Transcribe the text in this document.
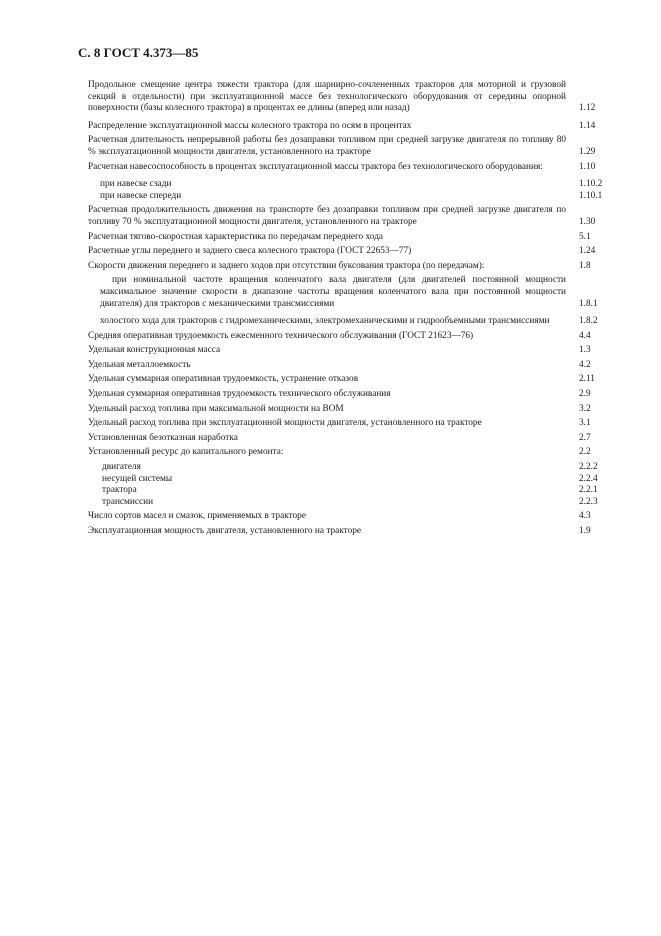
С. 8 ГОСТ 4.373—85
Продольное смещение центра тяжести трактора (для шарнирно-сочлененных тракторов для моторной и грузовой секций в отдельности) при эксплуатационной массе без технологического оборудования от середины опорной поверхности (базы колесного трактора) в процентах ее длины (вперед или назад)	1.12
Распределение эксплуатационной массы колесного трактора по осям в процентах	1.14
Расчетная длительность непрерывной работы без дозаправки топливом при средней загрузке двигателя по топливу 80 % эксплуатационной мощности двигателя, установленного на тракторе	1.29
Расчетная навесоспособность в процентах эксплуатационной массы трактора без технологического оборудования:	1.10
при навеске сзади	1.10.2
при навеске спереди	1.10.1
Расчетная продолжительность движения на транспорте без дозаправки топливом при средней загрузке двигателя по топливу 70 % эксплуатационной мощности двигателя, установленного на тракторе	1.30
Расчетная тягово-скоростная характеристика по передачам переднего хода	5.1
Расчетные углы переднего и заднего свеса колесного трактора (ГОСТ 22653—77)	1.24
Скорости движения переднего и заднего ходов при отсутствии буксования трактора (по передачам):	1.8
при номинальной частоте вращения коленчатого вала двигателя (для двигателей постоянной мощности максимальное значение скорости в диапазоне частоты вращения коленчатого вала при постоянной мощности двигателя) для тракторов с механическими трансмиссиями	1.8.1
холостого хода для тракторов с гидромеханическими, электромеханическими и гидрообъемными трансмиссиями	1.8.2
Средняя оперативная трудоемкость ежесменного технического обслуживания (ГОСТ 21623—76)	4.4
Удельная конструкционная масса	1.3
Удельная металлоемкость	4.2
Удельная суммарная оперативная трудоемкость, устранение отказов	2.11
Удельная суммарная оперативная трудоемкость технического обслуживания	2.9
Удельный расход топлива при максимальной мощности на ВОМ	3.2
Удельный расход топлива при эксплуатационной мощности двигателя, установленного на тракторе	3.1
Установленная безотказная наработка	2.7
Установленный ресурс до капитального ремонта:	2.2
двигателя	2.2.2
несущей системы	2.2.4
трактора	2.2.1
трансмиссии	2.2.3
Число сортов масел и смазок, применяемых в тракторе	4.3
Эксплуатационная мощность двигателя, установленного на тракторе	1.9
